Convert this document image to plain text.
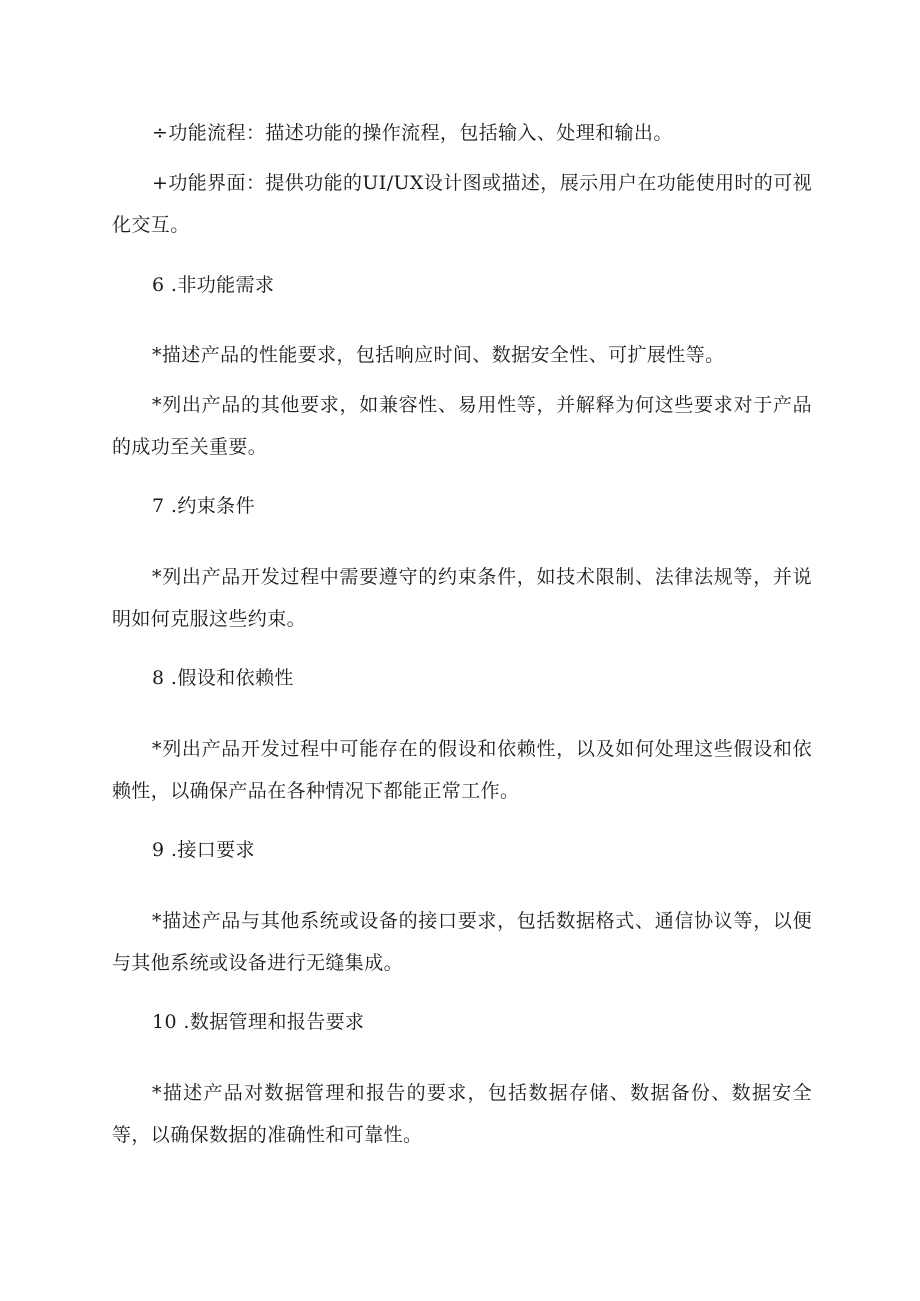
÷功能流程：描述功能的操作流程，包括输入、处理和输出。

+功能界面：提供功能的UI/UX设计图或描述，展示用户在功能使用时的可视化交互。

6 .非功能需求

*描述产品的性能要求，包括响应时间、数据安全性、可扩展性等。

*列出产品的其他要求，如兼容性、易用性等，并解释为何这些要求对于产品的成功至关重要。

7 .约束条件

*列出产品开发过程中需要遵守的约束条件，如技术限制、法律法规等，并说明如何克服这些约束。

8 .假设和依赖性

*列出产品开发过程中可能存在的假设和依赖性，以及如何处理这些假设和依赖性，以确保产品在各种情况下都能正常工作。

9 .接口要求

*描述产品与其他系统或设备的接口要求，包括数据格式、通信协议等，以便与其他系统或设备进行无缝集成。

10 .数据管理和报告要求

*描述产品对数据管理和报告的要求，包括数据存储、数据备份、数据安全等，以确保数据的准确性和可靠性。
